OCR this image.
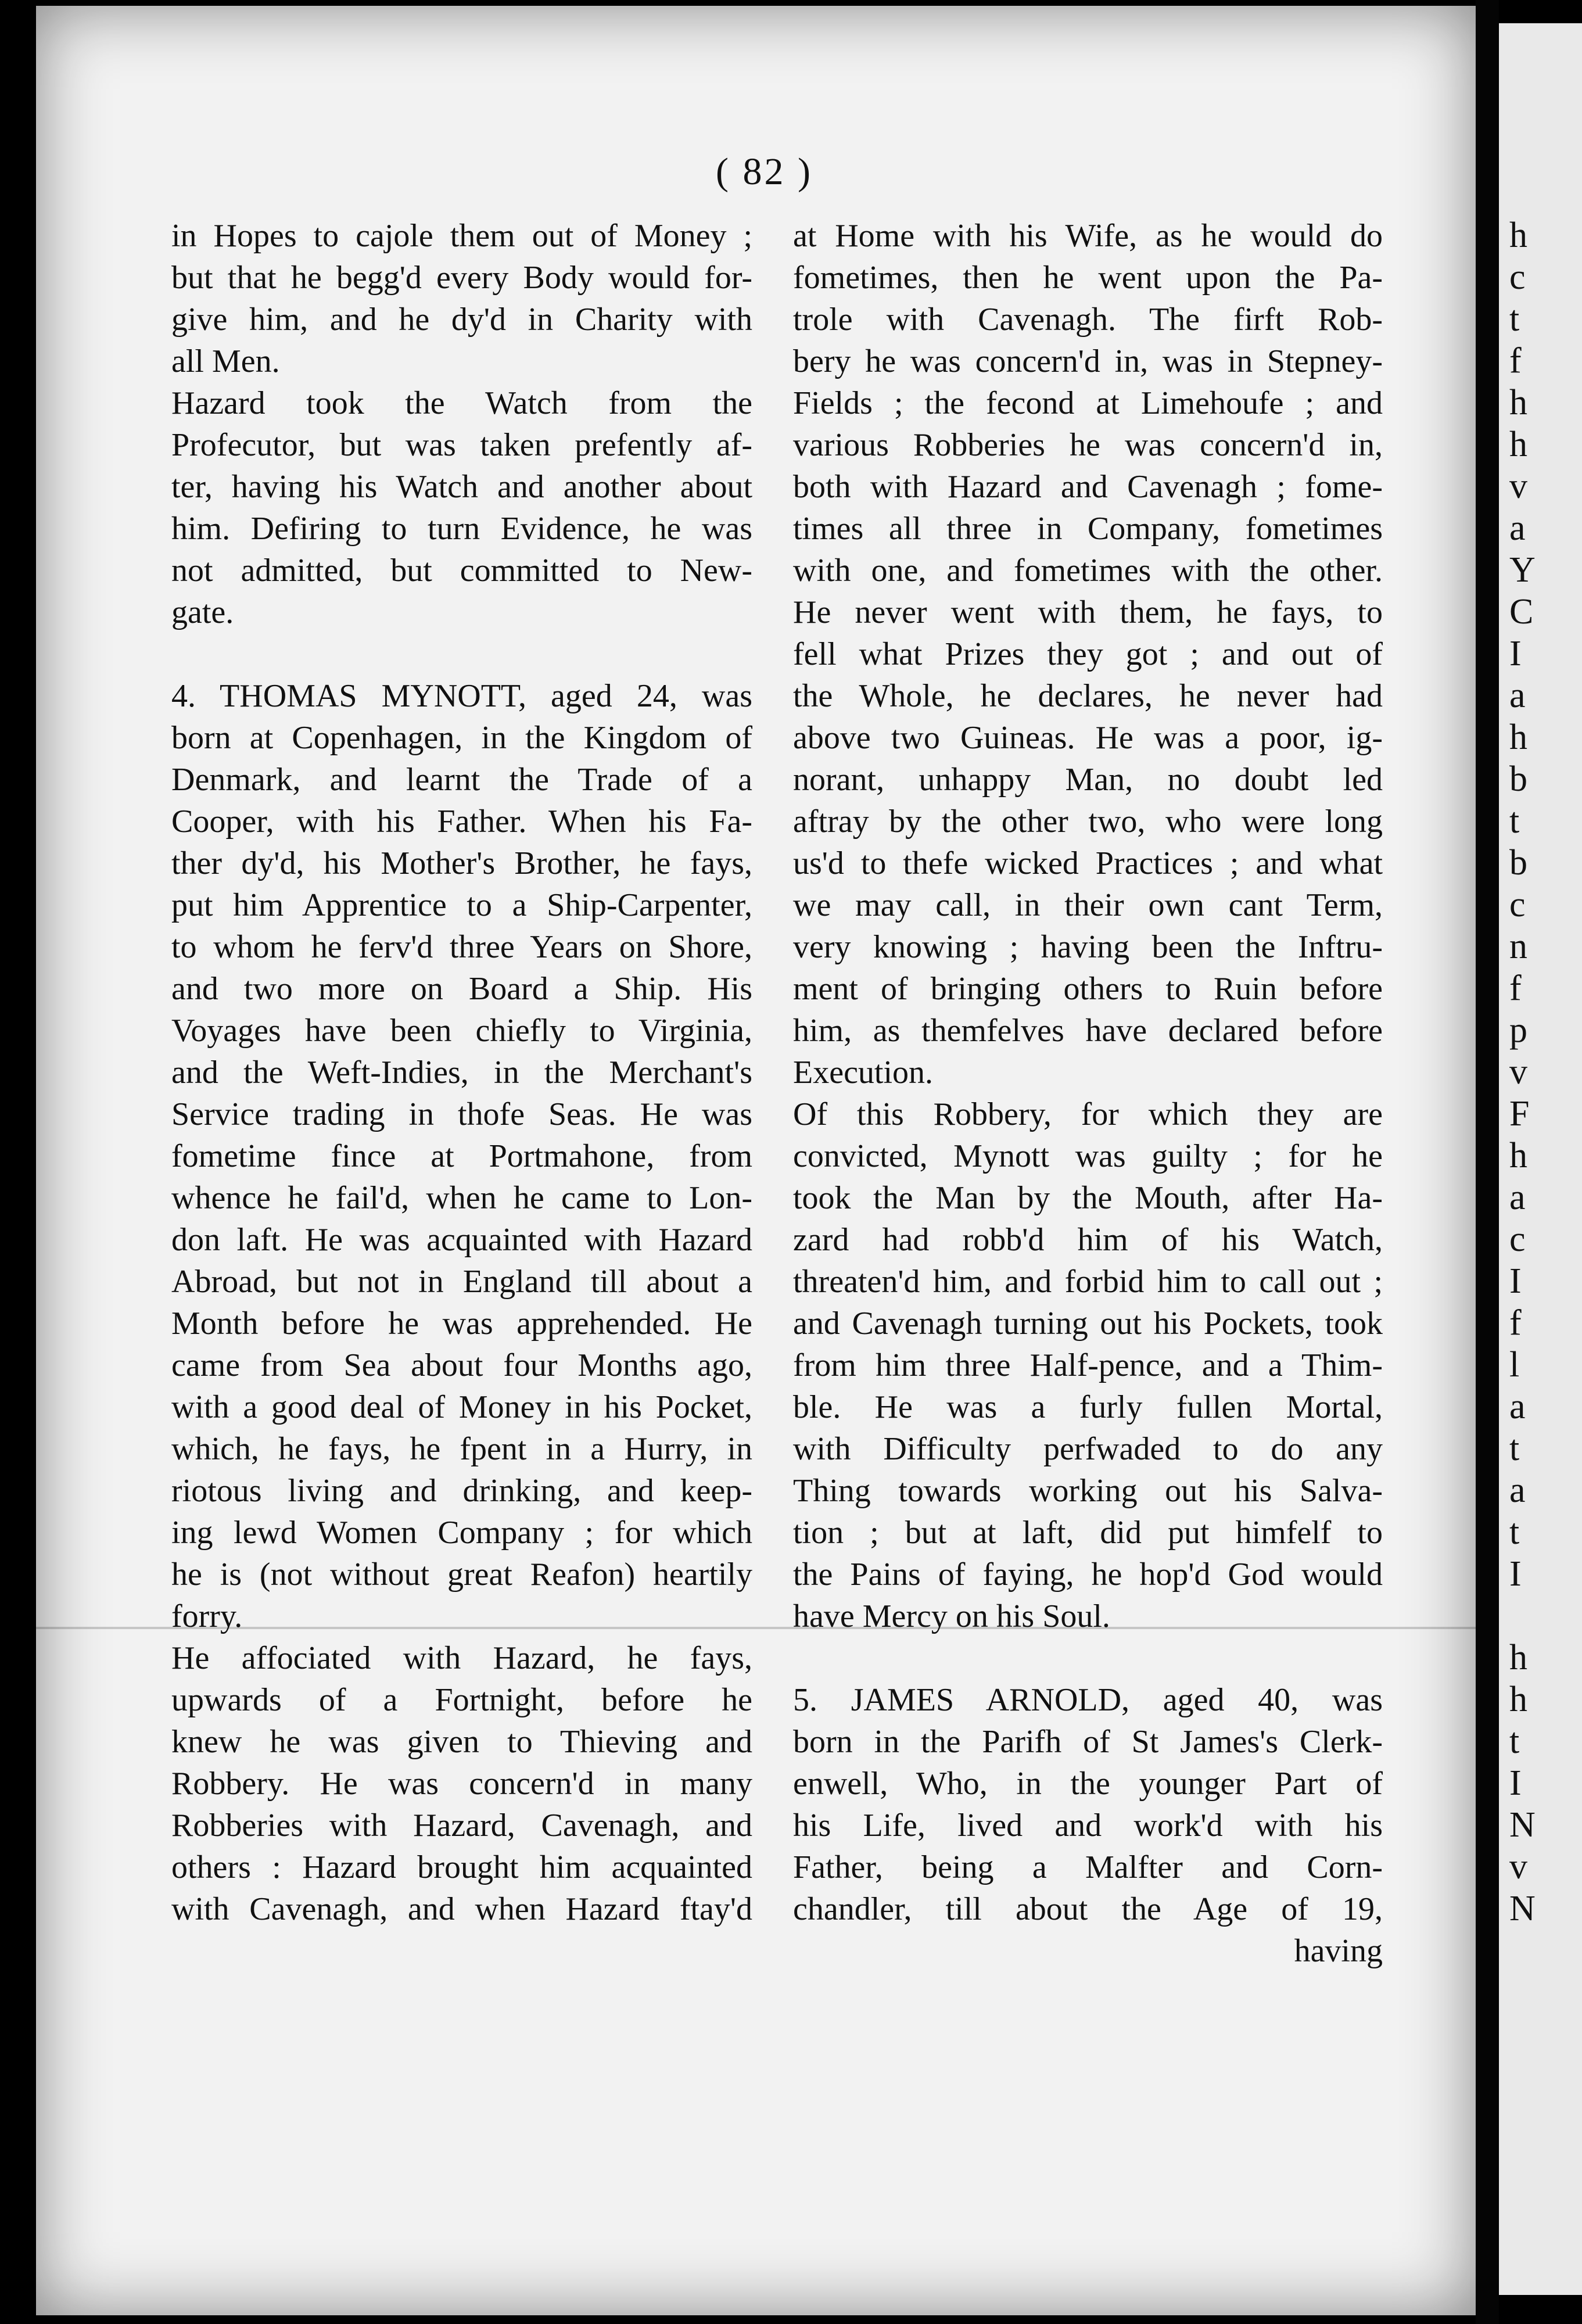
( 82 )
in Hopes to cajole them out of Money ;
but that he begg'd every Body would for-
give him, and he dy'd in Charity with
all Men.
Hazard took the Watch from the
Profecutor, but was taken prefently af-
ter, having his Watch and another about
him. Defiring to turn Evidence, he was
not admitted, but committed to New-
gate.
4. THOMAS MYNOTT, aged 24, was
born at Copenhagen, in the Kingdom of
Denmark, and learnt the Trade of a
Cooper, with his Father. When his Fa-
ther dy'd, his Mother's Brother, he fays,
put him Apprentice to a Ship-Carpenter,
to whom he ferv'd three Years on Shore,
and two more on Board a Ship. His
Voyages have been chiefly to Virginia,
and the Weft-Indies, in the Merchant's
Service trading in thofe Seas. He was
fometime fince at Portmahone, from
whence he fail'd, when he came to Lon-
don laft. He was acquainted with Hazard
Abroad, but not in England till about a
Month before he was apprehended. He
came from Sea about four Months ago,
with a good deal of Money in his Pocket,
which, he fays, he fpent in a Hurry, in
riotous living and drinking, and keep-
ing lewd Women Company ; for which
he is (not without great Reafon) heartily
forry.
He affociated with Hazard, he fays,
upwards of a Fortnight, before he
knew he was given to Thieving and
Robbery. He was concern'd in many
Robberies with Hazard, Cavenagh, and
others : Hazard brought him acquainted
with Cavenagh, and when Hazard ftay'd
at Home with his Wife, as he would do
fometimes, then he went upon the Pa-
trole with Cavenagh. The firft Rob-
bery he was concern'd in, was in Stepney-
Fields ; the fecond at Limehoufe ; and
various Robberies he was concern'd in,
both with Hazard and Cavenagh ; fome-
times all three in Company, fometimes
with one, and fometimes with the other.
He never went with them, he fays, to
fell what Prizes they got ; and out of
the Whole, he declares, he never had
above two Guineas. He was a poor, ig-
norant, unhappy Man, no doubt led
aftray by the other two, who were long
us'd to thefe wicked Practices ; and what
we may call, in their own cant Term,
very knowing ; having been the Inftru-
ment of bringing others to Ruin before
him, as themfelves have declared before
Execution.
Of this Robbery, for which they are
convicted, Mynott was guilty ; for he
took the Man by the Mouth, after Ha-
zard had robb'd him of his Watch,
threaten'd him, and forbid him to call out ;
and Cavenagh turning out his Pockets, took
from him three Half-pence, and a Thim-
ble. He was a furly fullen Mortal,
with Difficulty perfwaded to do any
Thing towards working out his Salva-
tion ; but at laft, did put himfelf to
the Pains of faying, he hop'd God would
have Mercy on his Soul.
5. JAMES ARNOLD, aged 40, was
born in the Parifh of St James's Clerk-
enwell, Who, in the younger Part of
his Life, lived and work'd with his
Father, being a Malfter and Corn-
chandler, till about the Age of 19,
having
h
c
t
f
h
h
v
a
Y
C
I
a
h
b
t
b
c
n
f
p
v
F
h
a
c
I
f
l
a
t
a
t
I
h
h
t
I
N
v
N
